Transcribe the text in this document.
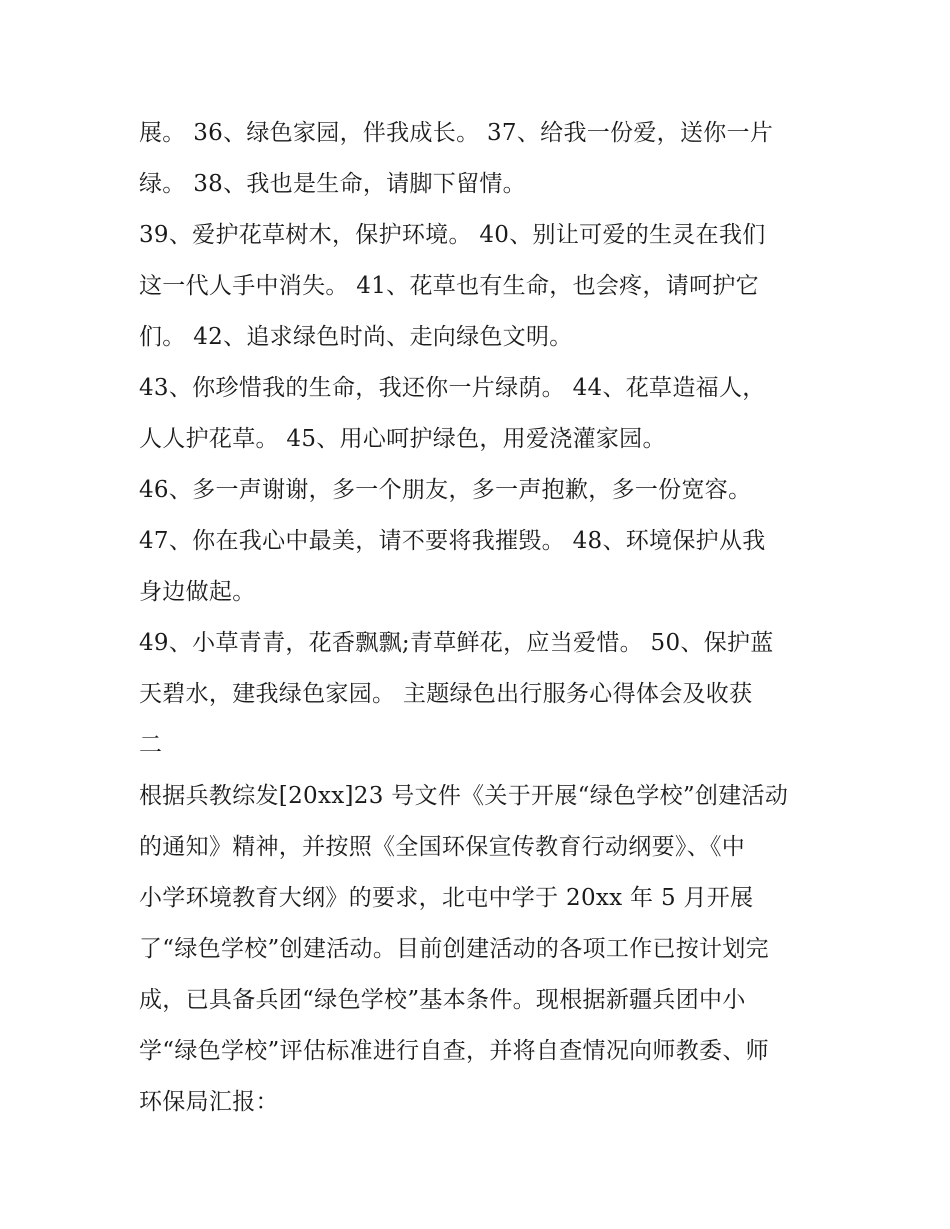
展。 36、绿色家园，伴我成长。 37、给我一份爱，送你一片
绿。 38、我也是生命，请脚下留情。
39、爱护花草树木，保护环境。 40、别让可爱的生灵在我们
这一代人手中消失。 41、花草也有生命，也会疼，请呵护它
们。 42、追求绿色时尚、走向绿色文明。
43、你珍惜我的生命，我还你一片绿荫。 44、花草造福人，
人人护花草。 45、用心呵护绿色，用爱浇灌家园。
46、多一声谢谢，多一个朋友，多一声抱歉，多一份宽容。
47、你在我心中最美，请不要将我摧毁。 48、环境保护从我
身边做起。
49、小草青青，花香飘飘;青草鲜花，应当爱惜。 50、保护蓝
天碧水，建我绿色家园。 主题绿色出行服务心得体会及收获
二
根据兵教综发[20xx]23 号文件《关于开展“绿色学校”创建活动
的通知》精神，并按照《全国环保宣传教育行动纲要》、《中
小学环境教育大纲》的要求，北屯中学于 20xx 年 5 月开展
了“绿色学校”创建活动。目前创建活动的各项工作已按计划完
成，已具备兵团“绿色学校”基本条件。现根据新疆兵团中小
学“绿色学校”评估标准进行自查，并将自查情况向师教委、师
环保局汇报：
